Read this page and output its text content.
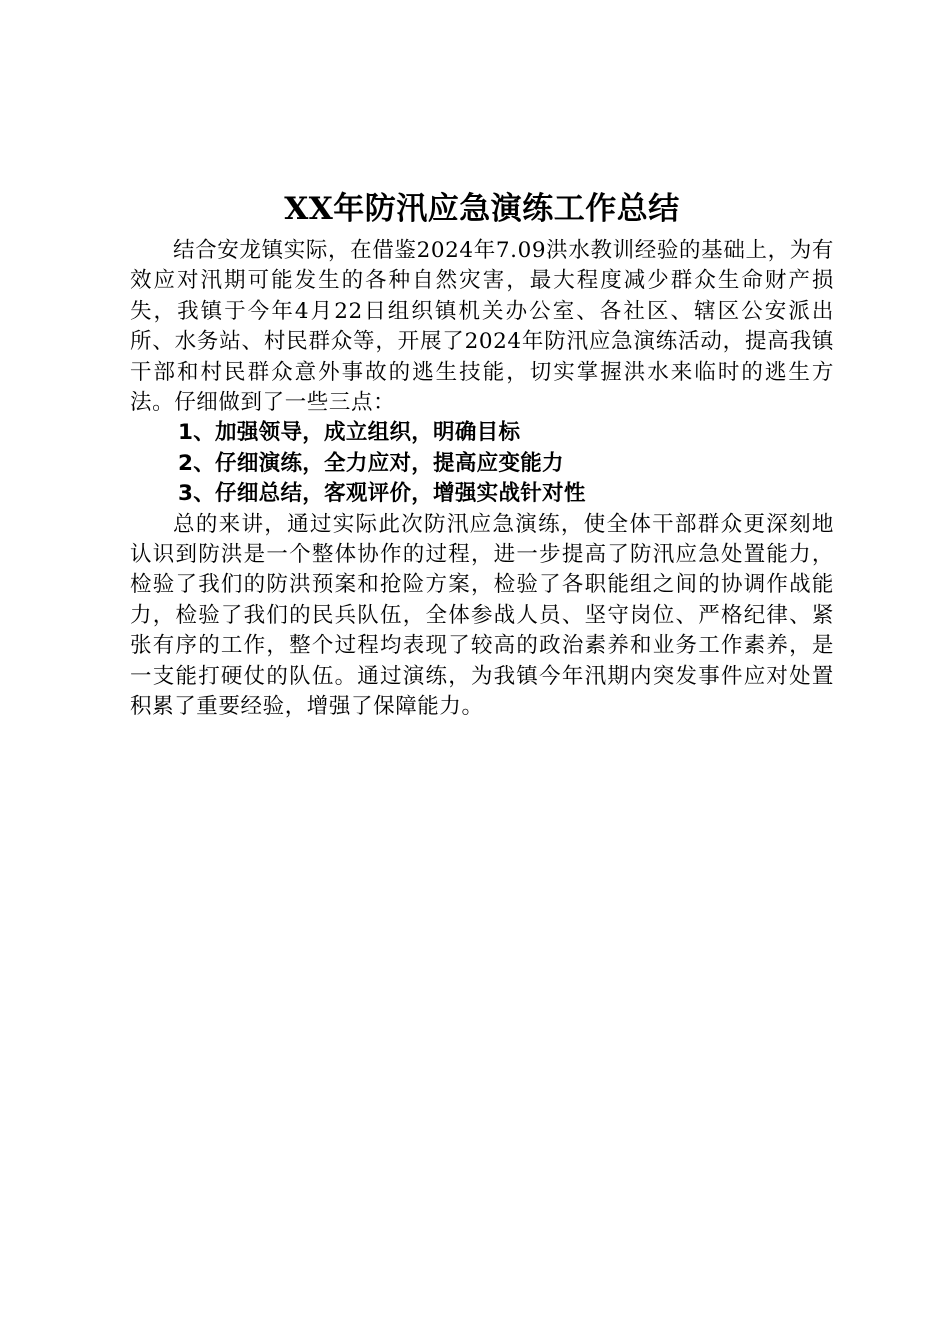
XX年防汛应急演练工作总结

结合安龙镇实际，在借鉴2024年7.09洪水教训经验的基础上，为有效应对汛期可能发生的各种自然灾害，最大程度减少群众生命财产损失，我镇于今年4月22日组织镇机关办公室、各社区、辖区公安派出所、水务站、村民群众等，开展了2024年防汛应急演练活动，提高我镇干部和村民群众意外事故的逃生技能，切实掌握洪水来临时的逃生方法。仔细做到了一些三点：

1、加强领导，成立组织，明确目标
2、仔细演练，全力应对，提高应变能力
3、仔细总结，客观评价，增强实战针对性

总的来讲，通过实际此次防汛应急演练，使全体干部群众更深刻地认识到防洪是一个整体协作的过程，进一步提高了防汛应急处置能力，检验了我们的防洪预案和抢险方案，检验了各职能组之间的协调作战能力，检验了我们的民兵队伍，全体参战人员、坚守岗位、严格纪律、紧张有序的工作，整个过程均表现了较高的政治素养和业务工作素养，是一支能打硬仗的队伍。通过演练，为我镇今年汛期内突发事件应对处置积累了重要经验，增强了保障能力。
